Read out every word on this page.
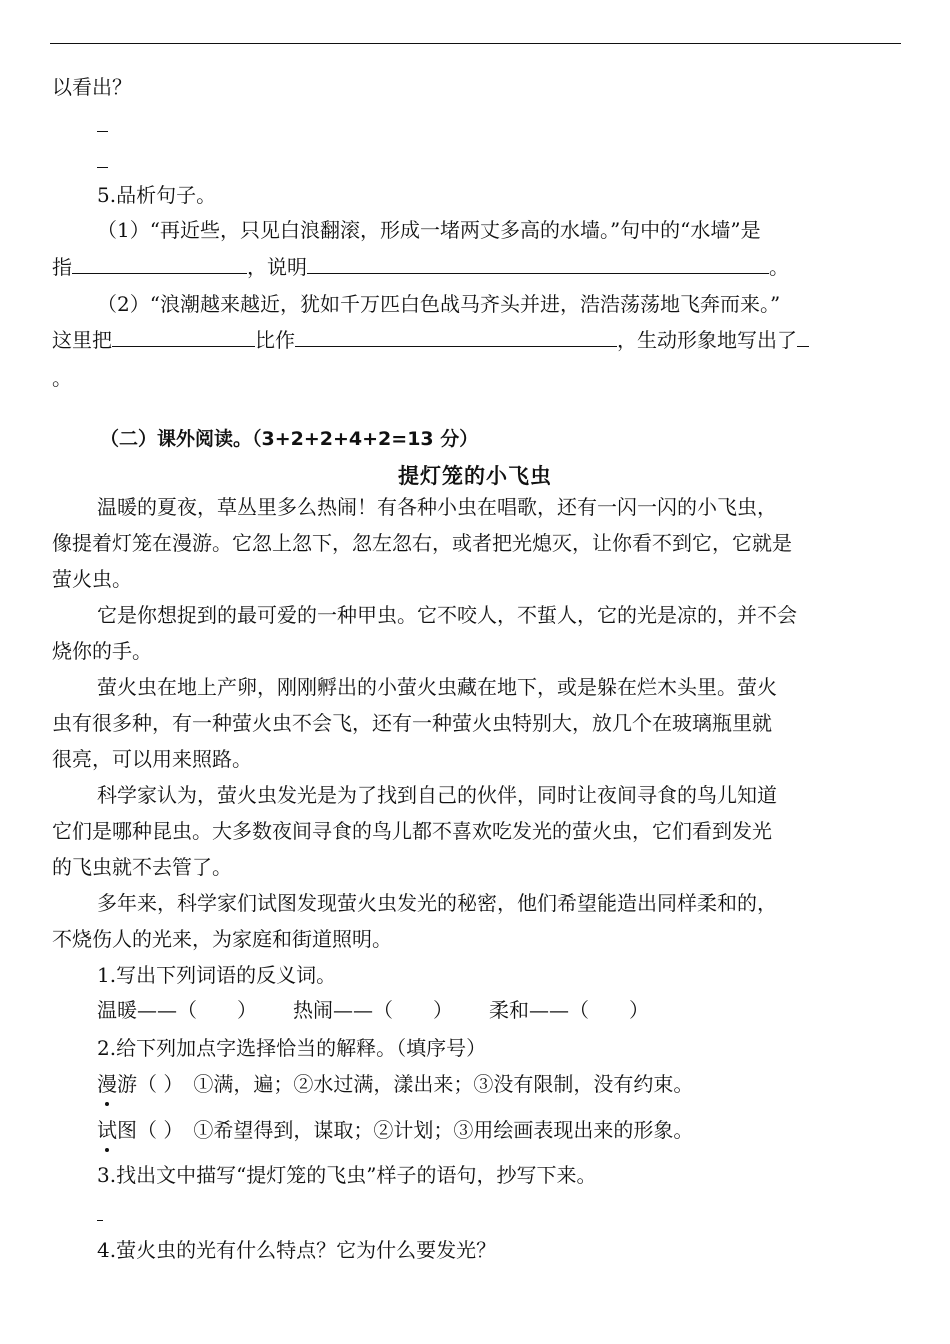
以看出？
5.品析句子。
（1）“再近些，只见白浪翻滚，形成一堵两丈多高的水墙。”句中的“水墙”是
指	，说明	。
（2）“浪潮越来越近，犹如千万匹白色战马齐头并进，浩浩荡荡地飞奔而来。”
这里把	比作	，生动形象地写出了
。
（二）课外阅读。（3+2+2+4+2=13 分）
提灯笼的小飞虫
温暖的夏夜，草丛里多么热闹！有各种小虫在唱歌，还有一闪一闪的小飞虫，
像提着灯笼在漫游。它忽上忽下，忽左忽右，或者把光熄灭，让你看不到它，它就是
萤火虫。
它是你想捉到的最可爱的一种甲虫。它不咬人，不蜇人，它的光是凉的，并不会
烧你的手。
萤火虫在地上产卵，刚刚孵出的小萤火虫藏在地下，或是躲在烂木头里。萤火
虫有很多种，有一种萤火虫不会飞，还有一种萤火虫特别大，放几个在玻璃瓶里就
很亮，可以用来照路。
科学家认为，萤火虫发光是为了找到自己的伙伴，同时让夜间寻食的鸟儿知道
它们是哪种昆虫。大多数夜间寻食的鸟儿都不喜欢吃发光的萤火虫，它们看到发光
的飞虫就不去管了。
多年来，科学家们试图发现萤火虫发光的秘密，他们希望能造出同样柔和的，
不烧伤人的光来，为家庭和街道照明。
1.写出下列词语的反义词。
温暖——（　　） 热闹——（　　） 柔和——（　　）
2.给下列加点字选择恰当的解释。（填序号）
漫游（ ） ①满，遍；②水过满，漾出来；③没有限制，没有约束。
试图（ ） ①希望得到，谋取；②计划；③用绘画表现出来的形象。
3.找出文中描写“提灯笼的飞虫”样子的语句，抄写下来。
4.萤火虫的光有什么特点？它为什么要发光？
